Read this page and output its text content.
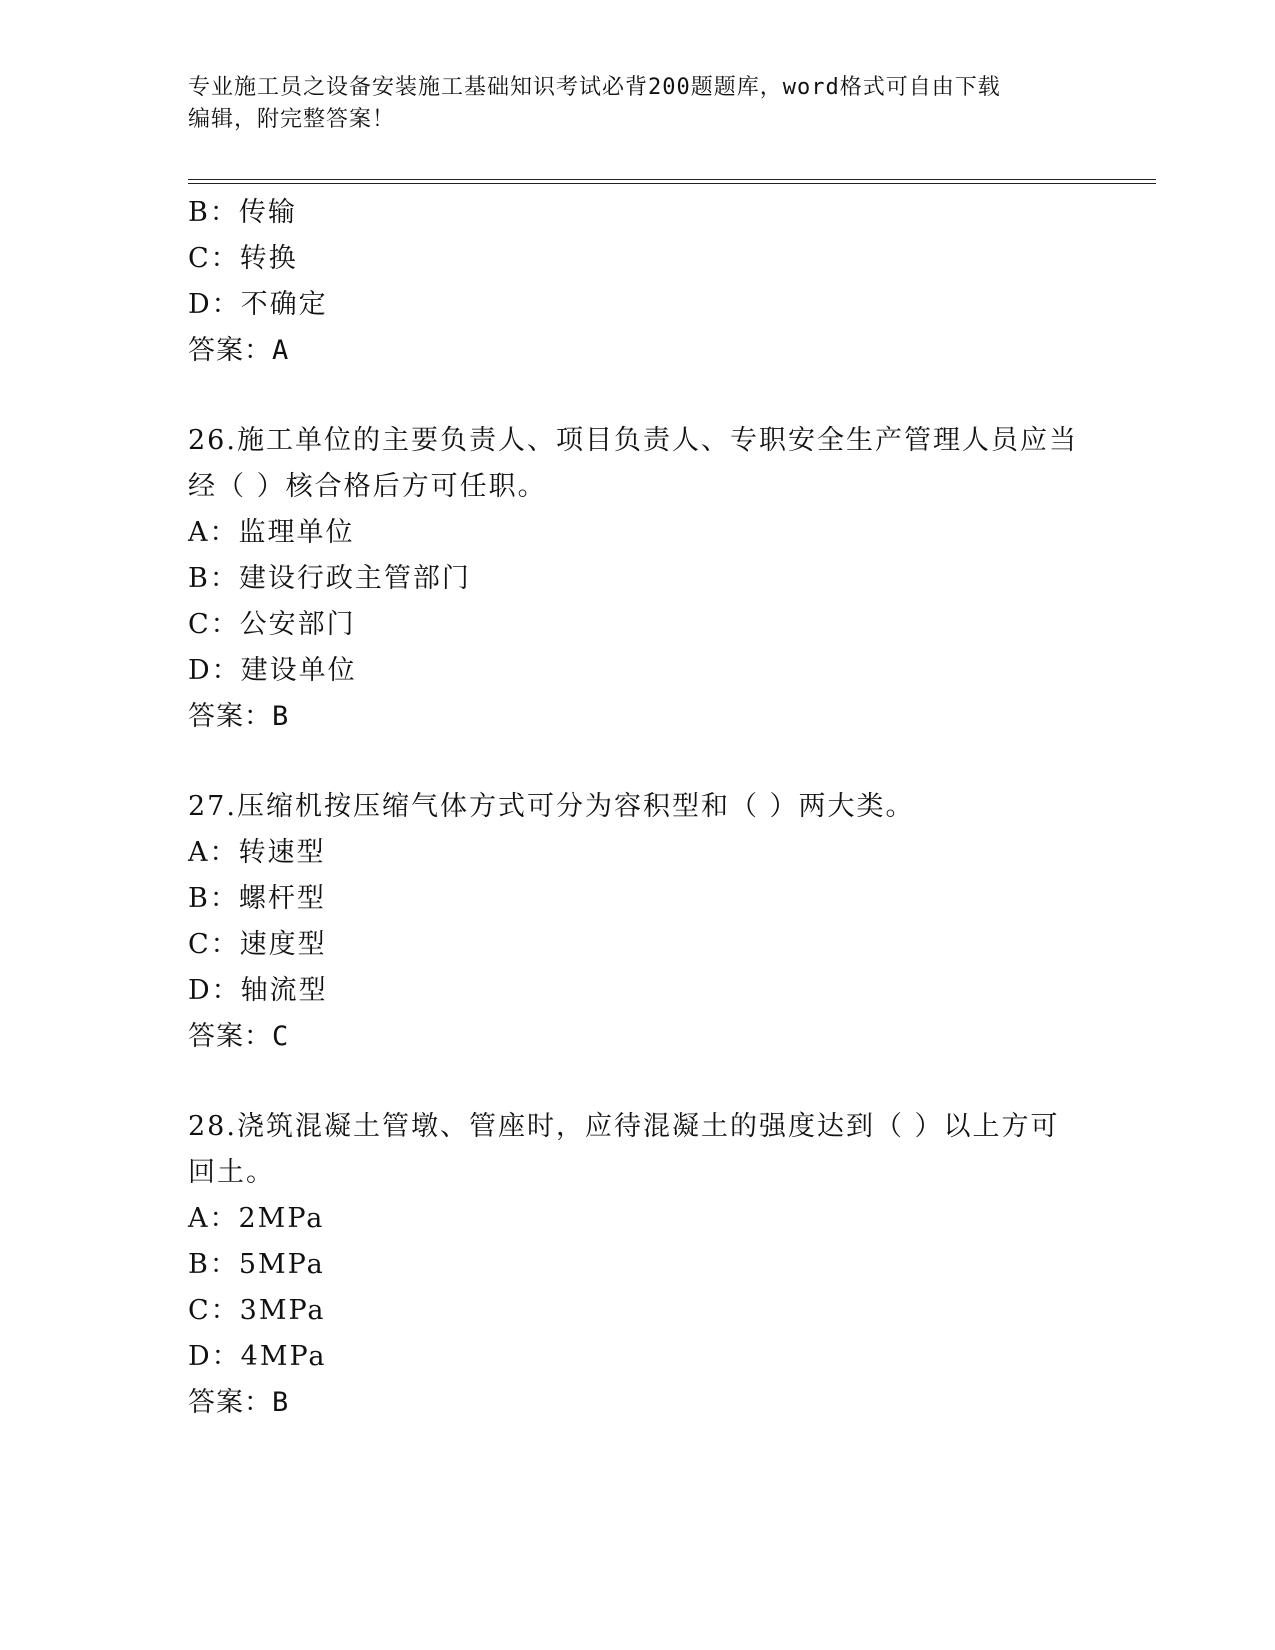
专业施工员之设备安装施工基础知识考试必背200题题库，word格式可自由下载
编辑，附完整答案！
B：传输
C：转换
D：不确定
答案：A
26.施工单位的主要负责人、项目负责人、专职安全生产管理人员应当
经（ ）核合格后方可任职。
A：监理单位
B：建设行政主管部门
C：公安部门
D：建设单位
答案：B
27.压缩机按压缩气体方式可分为容积型和（ ）两大类。
A：转速型
B：螺杆型
C：速度型
D：轴流型
答案：C
28.浇筑混凝土管墩、管座时，应待混凝土的强度达到（ ）以上方可
回土。
A：2MPa
B：5MPa
C：3MPa
D：4MPa
答案：B
